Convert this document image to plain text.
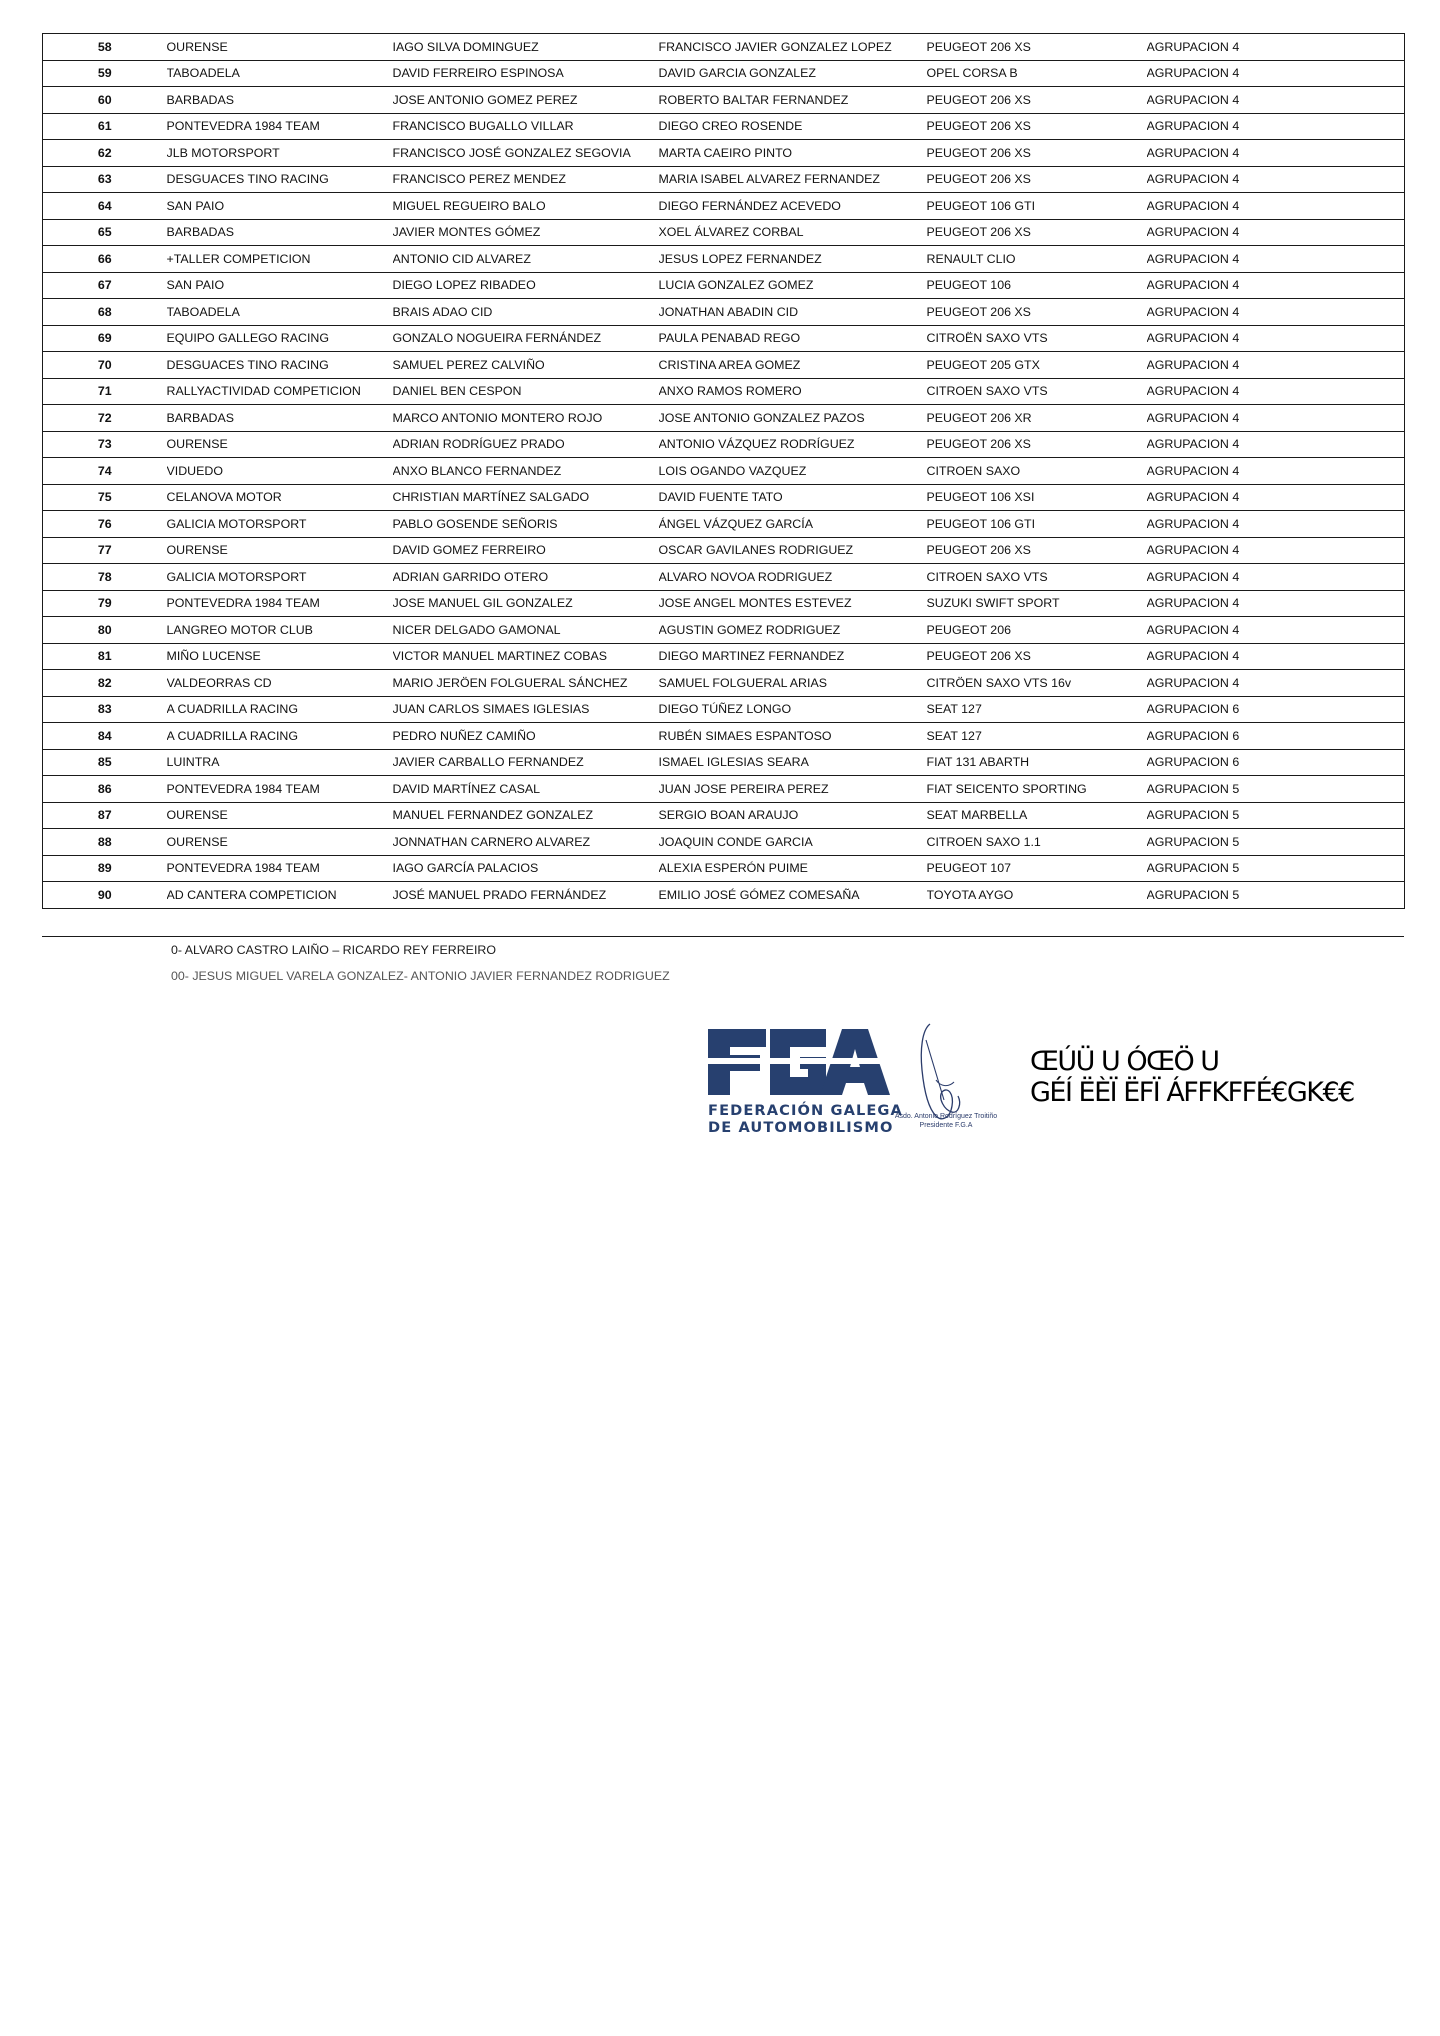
58	OURENSE	IAGO SILVA DOMINGUEZ	FRANCISCO JAVIER GONZALEZ LOPEZ	PEUGEOT 206 XS	AGRUPACION 4
59	TABOADELA	DAVID FERREIRO ESPINOSA	DAVID GARCIA GONZALEZ	OPEL CORSA B	AGRUPACION 4
60	BARBADAS	JOSE ANTONIO GOMEZ PEREZ	ROBERTO BALTAR FERNANDEZ	PEUGEOT 206 XS	AGRUPACION 4
61	PONTEVEDRA 1984 TEAM	FRANCISCO BUGALLO VILLAR	DIEGO CREO ROSENDE	PEUGEOT 206 XS	AGRUPACION 4
62	JLB MOTORSPORT	FRANCISCO JOSÉ GONZALEZ SEGOVIA	MARTA CAEIRO PINTO	PEUGEOT 206 XS	AGRUPACION 4
63	DESGUACES TINO RACING	FRANCISCO PEREZ MENDEZ	MARIA ISABEL ALVAREZ FERNANDEZ	PEUGEOT 206 XS	AGRUPACION 4
64	SAN PAIO	MIGUEL REGUEIRO BALO	DIEGO FERNÁNDEZ ACEVEDO	PEUGEOT 106 GTI	AGRUPACION 4
65	BARBADAS	JAVIER MONTES GÓMEZ	XOEL ÁLVAREZ CORBAL	PEUGEOT 206 XS	AGRUPACION 4
66	+TALLER COMPETICION	ANTONIO CID ALVAREZ	JESUS LOPEZ FERNANDEZ	RENAULT CLIO	AGRUPACION 4
67	SAN PAIO	DIEGO LOPEZ RIBADEO	LUCIA GONZALEZ GOMEZ	PEUGEOT 106	AGRUPACION 4
68	TABOADELA	BRAIS ADAO CID	JONATHAN ABADIN CID	PEUGEOT 206 XS	AGRUPACION 4
69	EQUIPO GALLEGO RACING	GONZALO NOGUEIRA FERNÁNDEZ	PAULA PENABAD REGO	CITROËN SAXO VTS	AGRUPACION 4
70	DESGUACES TINO RACING	SAMUEL PEREZ CALVIÑO	CRISTINA AREA GOMEZ	PEUGEOT 205 GTX	AGRUPACION 4
71	RALLYACTIVIDAD COMPETICION	DANIEL BEN CESPON	ANXO RAMOS ROMERO	CITROEN SAXO VTS	AGRUPACION 4
72	BARBADAS	MARCO ANTONIO MONTERO ROJO	JOSE ANTONIO GONZALEZ PAZOS	PEUGEOT 206 XR	AGRUPACION 4
73	OURENSE	ADRIAN RODRÍGUEZ PRADO	ANTONIO VÁZQUEZ RODRÍGUEZ	PEUGEOT 206 XS	AGRUPACION 4
74	VIDUEDO	ANXO BLANCO FERNANDEZ	LOIS OGANDO VAZQUEZ	CITROEN SAXO	AGRUPACION 4
75	CELANOVA MOTOR	CHRISTIAN MARTÍNEZ SALGADO	DAVID FUENTE TATO	PEUGEOT 106 XSI	AGRUPACION 4
76	GALICIA MOTORSPORT	PABLO GOSENDE SEÑORIS	ÁNGEL VÁZQUEZ GARCÍA	PEUGEOT 106 GTI	AGRUPACION 4
77	OURENSE	DAVID GOMEZ FERREIRO	OSCAR GAVILANES RODRIGUEZ	PEUGEOT 206 XS	AGRUPACION 4
78	GALICIA MOTORSPORT	ADRIAN GARRIDO OTERO	ALVARO NOVOA RODRIGUEZ	CITROEN SAXO VTS	AGRUPACION 4
79	PONTEVEDRA 1984 TEAM	JOSE MANUEL GIL GONZALEZ	JOSE ANGEL MONTES ESTEVEZ	SUZUKI SWIFT SPORT	AGRUPACION 4
80	LANGREO MOTOR CLUB	NICER DELGADO GAMONAL	AGUSTIN GOMEZ RODRIGUEZ	PEUGEOT 206	AGRUPACION 4
81	MIÑO LUCENSE	VICTOR MANUEL MARTINEZ COBAS	DIEGO MARTINEZ FERNANDEZ	PEUGEOT 206 XS	AGRUPACION 4
82	VALDEORRAS CD	MARIO JERÖEN FOLGUERAL SÁNCHEZ	SAMUEL FOLGUERAL ARIAS	CITRÖEN SAXO VTS 16v	AGRUPACION 4
83	A CUADRILLA RACING	JUAN CARLOS SIMAES IGLESIAS	DIEGO TÚÑEZ LONGO	SEAT 127	AGRUPACION 6
84	A CUADRILLA RACING	PEDRO NUÑEZ CAMIÑO	RUBÉN SIMAES ESPANTOSO	SEAT 127	AGRUPACION 6
85	LUINTRA	JAVIER CARBALLO FERNANDEZ	ISMAEL IGLESIAS SEARA	FIAT 131 ABARTH	AGRUPACION 6
86	PONTEVEDRA 1984 TEAM	DAVID MARTÍNEZ CASAL	JUAN JOSE PEREIRA PEREZ	FIAT SEICENTO SPORTING	AGRUPACION 5
87	OURENSE	MANUEL FERNANDEZ GONZALEZ	SERGIO BOAN ARAUJO	SEAT MARBELLA	AGRUPACION 5
88	OURENSE	JONNATHAN CARNERO ALVAREZ	JOAQUIN CONDE GARCIA	CITROEN SAXO 1.1	AGRUPACION 5
89	PONTEVEDRA 1984 TEAM	IAGO GARCÍA PALACIOS	ALEXIA ESPERÓN PUIME	PEUGEOT 107	AGRUPACION 5
90	AD CANTERA COMPETICION	JOSÉ MANUEL PRADO FERNÁNDEZ	EMILIO JOSÉ GÓMEZ COMESAÑA	TOYOTA AYGO	AGRUPACION 5
0- ALVARO CASTRO LAIÑO – RICARDO REY FERREIRO
00- JESUS MIGUEL VARELA GONZALEZ- ANTONIO JAVIER FERNANDEZ RODRIGUEZ
FEDERACIÓN GALEGA
DE AUTOMOBILISMO
Asdo. Antonio Rodríguez Troitiño
Presidente F.G.A
ŒÚÜ U ÓŒÖ U
GÉÍ ËÈÏ ËFÏ ÁFFKFFÉ€GK€€
